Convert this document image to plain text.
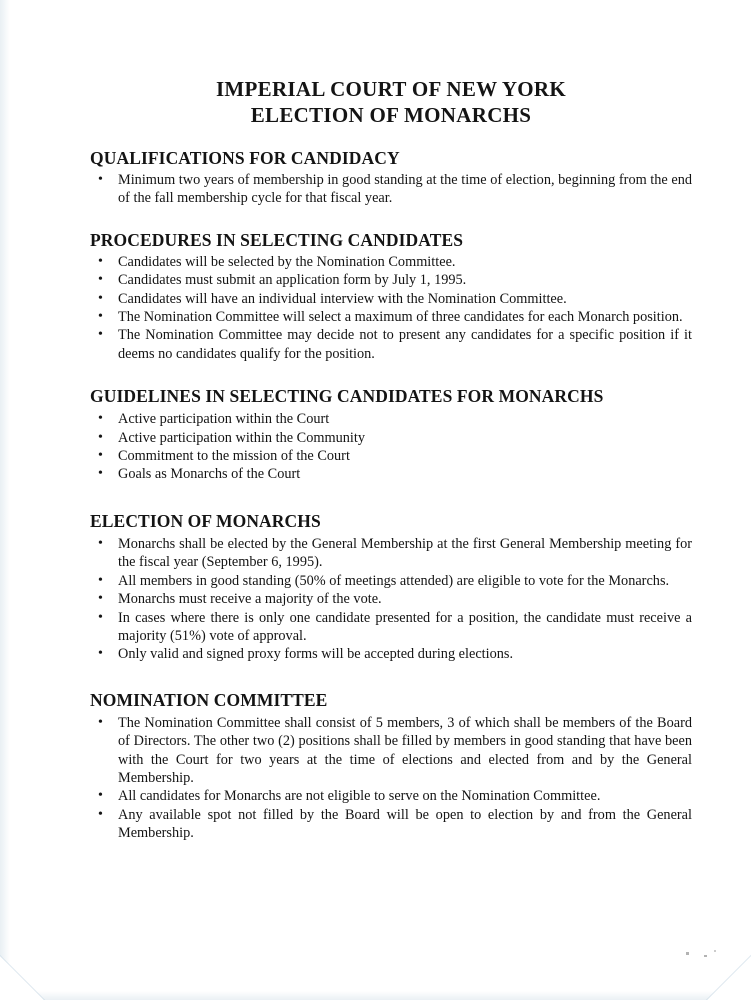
IMPERIAL COURT OF NEW YORK
ELECTION OF MONARCHS
QUALIFICATIONS FOR CANDIDACY
• Minimum two years of membership in good standing at the time of election, beginning from the end of the fall membership cycle for that fiscal year.
PROCEDURES IN SELECTING CANDIDATES
• Candidates will be selected by the Nomination Committee.
• Candidates must submit an application form by July 1, 1995.
• Candidates will have an individual interview with the Nomination Committee.
• The Nomination Committee will select a maximum of three candidates for each Monarch position.
• The Nomination Committee may decide not to present any candidates for a specific position if it deems no candidates qualify for the position.
GUIDELINES IN SELECTING CANDIDATES FOR MONARCHS
• Active participation within the Court
• Active participation within the Community
• Commitment to the mission of the Court
• Goals as Monarchs of the Court
ELECTION OF MONARCHS
• Monarchs shall be elected by the General Membership at the first General Membership meeting for the fiscal year (September 6, 1995).
• All members in good standing (50% of meetings attended) are eligible to vote for the Monarchs.
• Monarchs must receive a majority of the vote.
• In cases where there is only one candidate presented for a position, the candidate must receive a majority (51%) vote of approval.
• Only valid and signed proxy forms will be accepted during elections.
NOMINATION COMMITTEE
• The Nomination Committee shall consist of 5 members, 3 of which shall be members of the Board of Directors. The other two (2) positions shall be filled by members in good standing that have been with the Court for two years at the time of elections and elected from and by the General Membership.
• All candidates for Monarchs are not eligible to serve on the Nomination Committee.
• Any available spot not filled by the Board will be open to election by and from the General Membership.
